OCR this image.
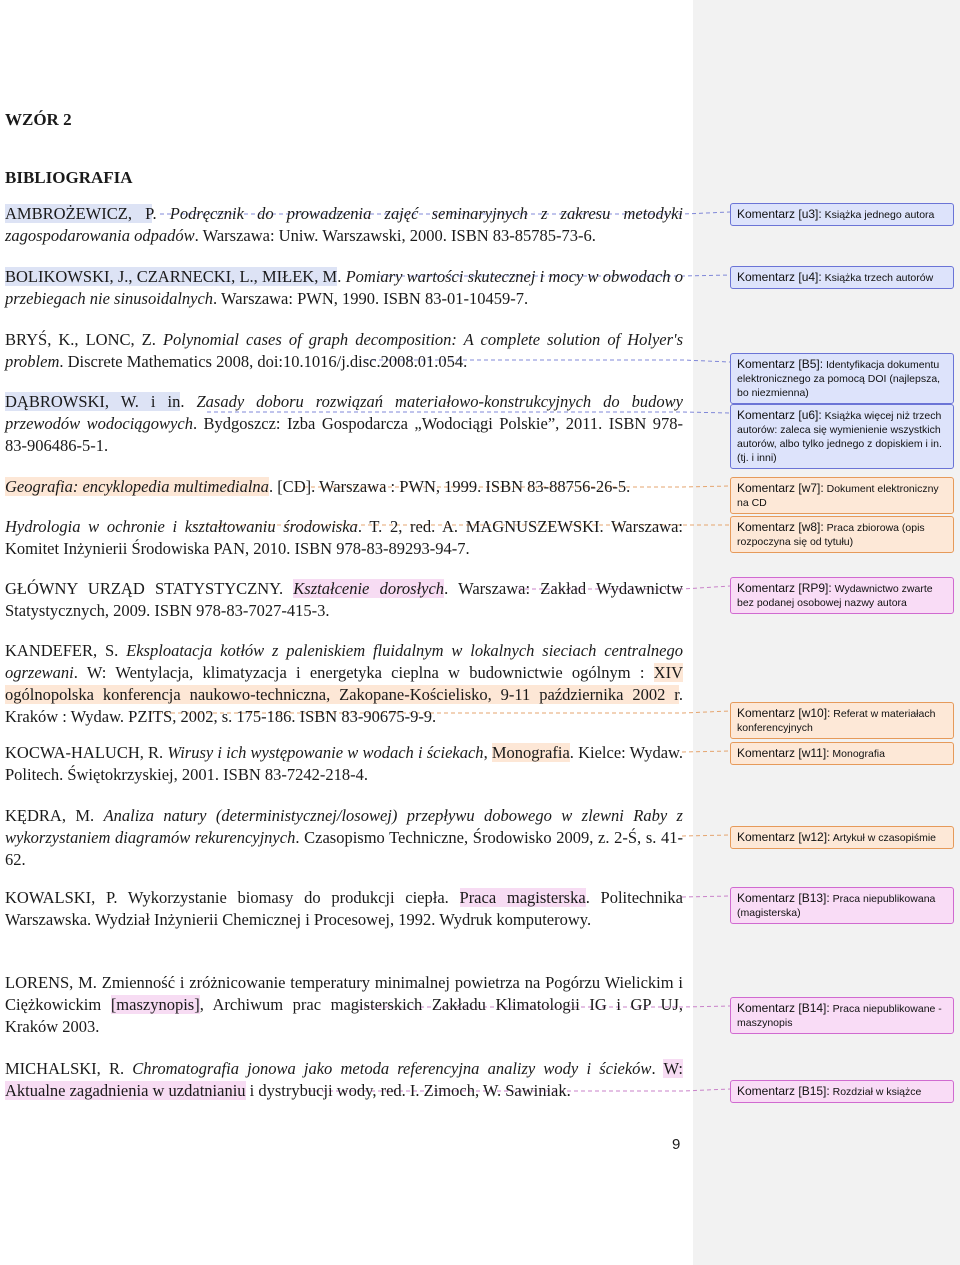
WZÓR 2
BIBLIOGRAFIA
AMBROŻEWICZ, P. Podręcznik do prowadzenia zajęć seminaryjnych z zakresu metodyki zagospodarowania odpadów. Warszawa: Uniw. Warszawski, 2000. ISBN 83-85785-73-6.
BOLIKOWSKI, J., CZARNECKI, L., MIŁEK, M. Pomiary wartości skutecznej i mocy w obwodach o przebiegach nie sinusoidalnych. Warszawa: PWN, 1990. ISBN 83-01-10459-7.
BRYŚ, K., LONC, Z. Polynomial cases of graph decomposition: A complete solution of Holyer's problem. Discrete Mathematics 2008, doi:10.1016/j.disc.2008.01.054.
DĄBROWSKI, W. i in. Zasady doboru rozwiązań materiałowo-konstrukcyjnych do budowy przewodów wodociągowych. Bydgoszcz: Izba Gospodarcza „Wodociągi Polskie”, 2011. ISBN 978-83-906486-5-1.
Geografia: encyklopedia multimedialna. [CD]. Warszawa : PWN, 1999. ISBN 83-88756-26-5.
Hydrologia w ochronie i kształtowaniu środowiska. T. 2, red. A. MAGNUSZEWSKI. Warszawa: Komitet Inżynierii Środowiska PAN, 2010. ISBN 978-83-89293-94-7.
GŁÓWNY URZĄD STATYSTYCZNY. Kształcenie dorosłych. Warszawa: Zakład Wydawnictw Statystycznych, 2009. ISBN 978-83-7027-415-3.
KANDEFER, S. Eksploatacja kotłów z paleniskiem fluidalnym w lokalnych sieciach centralnego ogrzewani. W: Wentylacja, klimatyzacja i energetyka cieplna w budownictwie ogólnym : XIV ogólnopolska konferencja naukowo-techniczna, Zakopane-Kościelisko, 9-11 października 2002 r. Kraków : Wydaw. PZITS, 2002, s. 175-186. ISBN 83-90675-9-9.
KOCWA-HALUCH, R. Wirusy i ich występowanie w wodach i ściekach, Monografia. Kielce: Wydaw. Politech. Świętokrzyskiej, 2001. ISBN 83-7242-218-4.
KĘDRA, M. Analiza natury (deterministycznej/losowej) przepływu dobowego w zlewni Raby z wykorzystaniem diagramów rekurencyjnych. Czasopismo Techniczne, Środowisko 2009, z. 2-Ś, s. 41-62.
KOWALSKI, P. Wykorzystanie biomasy do produkcji ciepła. Praca magisterska. Politechnika Warszawska. Wydział Inżynierii Chemicznej i Procesowej, 1992. Wydruk komputerowy.
LORENS, M. Zmienność i zróżnicowanie temperatury minimalnej powietrza na Pogórzu Wielickim i Ciężkowickim [maszynopis], Archiwum prac magisterskich Zakładu Klimatologii IG i GP UJ, Kraków 2003.
MICHALSKI, R. Chromatografia jonowa jako metoda referencyjna analizy wody i ścieków. W: Aktualne zagadnienia w uzdatnianiu i dystrybucji wody, red. I. Zimoch, W. Sawiniak.
Komentarz [u3]: Książka jednego autora
Komentarz [u4]: Książka trzech autorów
Komentarz [B5]: Identyfikacja dokumentu elektronicznego za pomocą DOI (najlepsza, bo niezmienna)
Komentarz [u6]: Książka więcej niż trzech autorów: zaleca się wymienienie wszystkich autorów, albo tylko jednego z dopiskiem i in. (tj. i inni)
Komentarz [w7]: Dokument elektroniczny na CD
Komentarz [w8]: Praca zbiorowa (opis rozpoczyna się od tytułu)
Komentarz [RP9]: Wydawnictwo zwarte bez podanej osobowej nazwy autora
Komentarz [w10]: Referat w materiałach konferencyjnych
Komentarz [w11]: Monografia
Komentarz [w12]: Artykuł w czasopiśmie
Komentarz [B13]: Praca niepublikowana (magisterska)
Komentarz [B14]: Praca niepublikowane - maszynopis
Komentarz [B15]: Rozdział w książce
9
